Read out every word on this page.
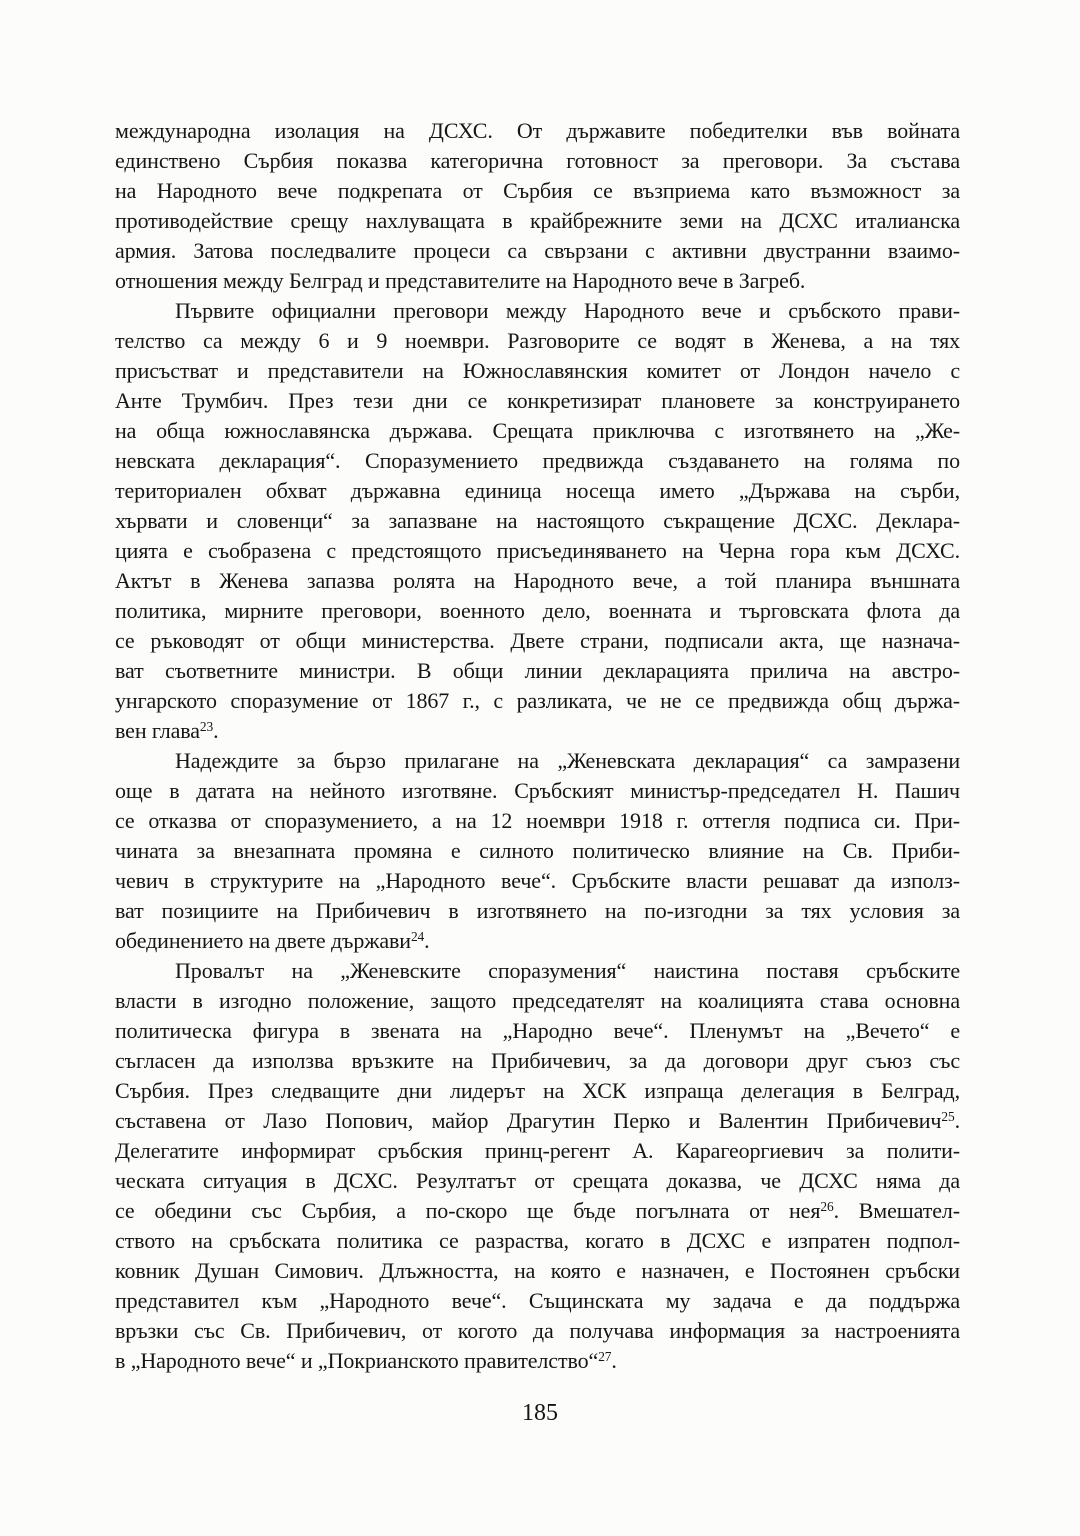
международна изолация на ДСХС. От държавите победителки във войната
единствено Сърбия показва категорична готовност за преговори. За състава
на Народното вече подкрепата от Сърбия се възприема като възможност за
противодействие срещу нахлуващата в крайбрежните земи на ДСХС италианска
армия. Затова последвалите процеси са свързани с активни двустранни взаимо-
отношения между Белград и представителите на Народното вече в Загреб.
Първите официални преговори между Народното вече и сръбското прави-
телство са между 6 и 9 ноември. Разговорите се водят в Женева, а на тях
присъстват и представители на Южнославянския комитет от Лондон начело с
Анте Трумбич. През тези дни се конкретизират плановете за конструирането
на обща южнославянска държава. Срещата приключва с изготвянето на „Же-
невската декларация“. Споразумението предвижда създаването на голяма по
териториален обхват държавна единица носеща името „Държава на сърби,
хървати и словенци“ за запазване на настоящото съкращение ДСХС. Деклара-
цията е съобразена с предстоящото присъединяването на Черна гора към ДСХС.
Актът в Женева запазва ролята на Народното вече, а той планира външната
политика, мирните преговори, военното дело, военната и търговската флота да
се ръководят от общи министерства. Двете страни, подписали акта, ще назнача-
ват съответните министри. В общи линии декларацията прилича на австро-
унгарското споразумение от 1867 г., с разликата, че не се предвижда общ държа-
вен глава$^{23}$.
Надеждите за бързо прилагане на „Женевската декларация“ са замразени
още в датата на нейното изготвяне. Сръбският министър-председател Н. Пашич
се отказва от споразумението, а на 12 ноември 1918 г. оттегля подписа си. При-
чината за внезапната промяна е силното политическо влияние на Св. Приби-
чевич в структурите на „Народното вече“. Сръбските власти решават да използ-
ват позициите на Прибичевич в изготвянето на по-изгодни за тях условия за
обединението на двете държави$^{24}$.
Провалът на „Женевските споразумения“ наистина поставя сръбските
власти в изгодно положение, защото председателят на коалицията става основна
политическа фигура в звената на „Народно вече“. Пленумът на „Вечето“ е
съгласен да използва връзките на Прибичевич, за да договори друг съюз със
Сърбия. През следващите дни лидерът на ХСК изпраща делегация в Белград,
съставена от Лазо Попович, майор Драгутин Перко и Валентин Прибичевич$^{25}$.
Делегатите информират сръбския принц-регент А. Карагеоргиевич за полити-
ческата ситуация в ДСХС. Резултатът от срещата доказва, че ДСХС няма да
се обедини със Сърбия, а по-скоро ще бъде погълната от нея$^{26}$. Вмешател-
ството на сръбската политика се разраства, когато в ДСХС е изпратен подпол-
ковник Душан Симович. Длъжността, на която е назначен, е Постоянен сръбски
представител към „Народното вече“. Същинската му задача е да поддържа
връзки със Св. Прибичевич, от когото да получава информация за настроенията
в „Народното вече“ и „Покрианското правителство“$^{27}$.
185
